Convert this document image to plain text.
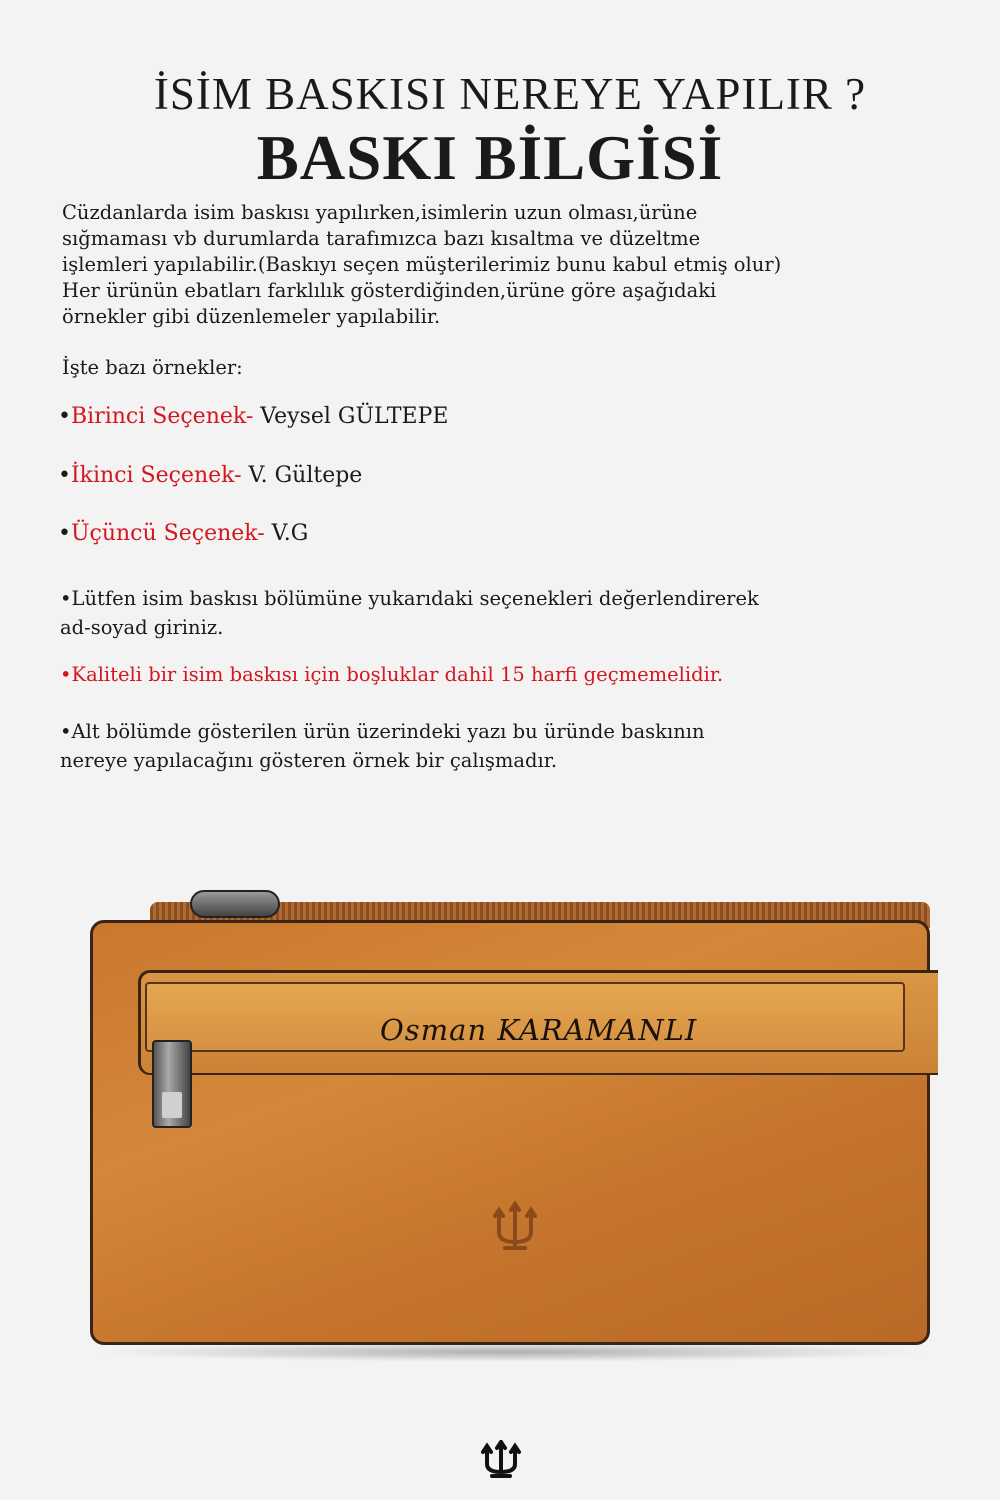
İSİM BASKISI NEREYE YAPILIR ?
BASKI BİLGİSİ
Cüzdanlarda isim baskısı yapılırken,isimlerin uzun olması,ürüne
sığmaması vb durumlarda tarafımızca bazı kısaltma ve düzeltme
işlemleri yapılabilir.(Baskıyı seçen müşterilerimiz bunu kabul etmiş olur)
Her ürünün ebatları farklılık gösterdiğinden,ürüne göre aşağıdaki
örnekler gibi düzenlemeler yapılabilir.
İşte bazı örnekler:
•Birinci Seçenek- Veysel GÜLTEPE
•İkinci Seçenek- V. Gültepe
•Üçüncü Seçenek- V.G
•Lütfen isim baskısı bölümüne yukarıdaki seçenekleri değerlendirerek
ad-soyad giriniz.
•Kaliteli bir isim baskısı için boşluklar dahil 15 harfi geçmemelidir.
•Alt bölümde gösterilen ürün üzerindeki yazı bu üründe baskının
nereye yapılacağını gösteren örnek bir çalışmadır.
Osman KARAMANLI
